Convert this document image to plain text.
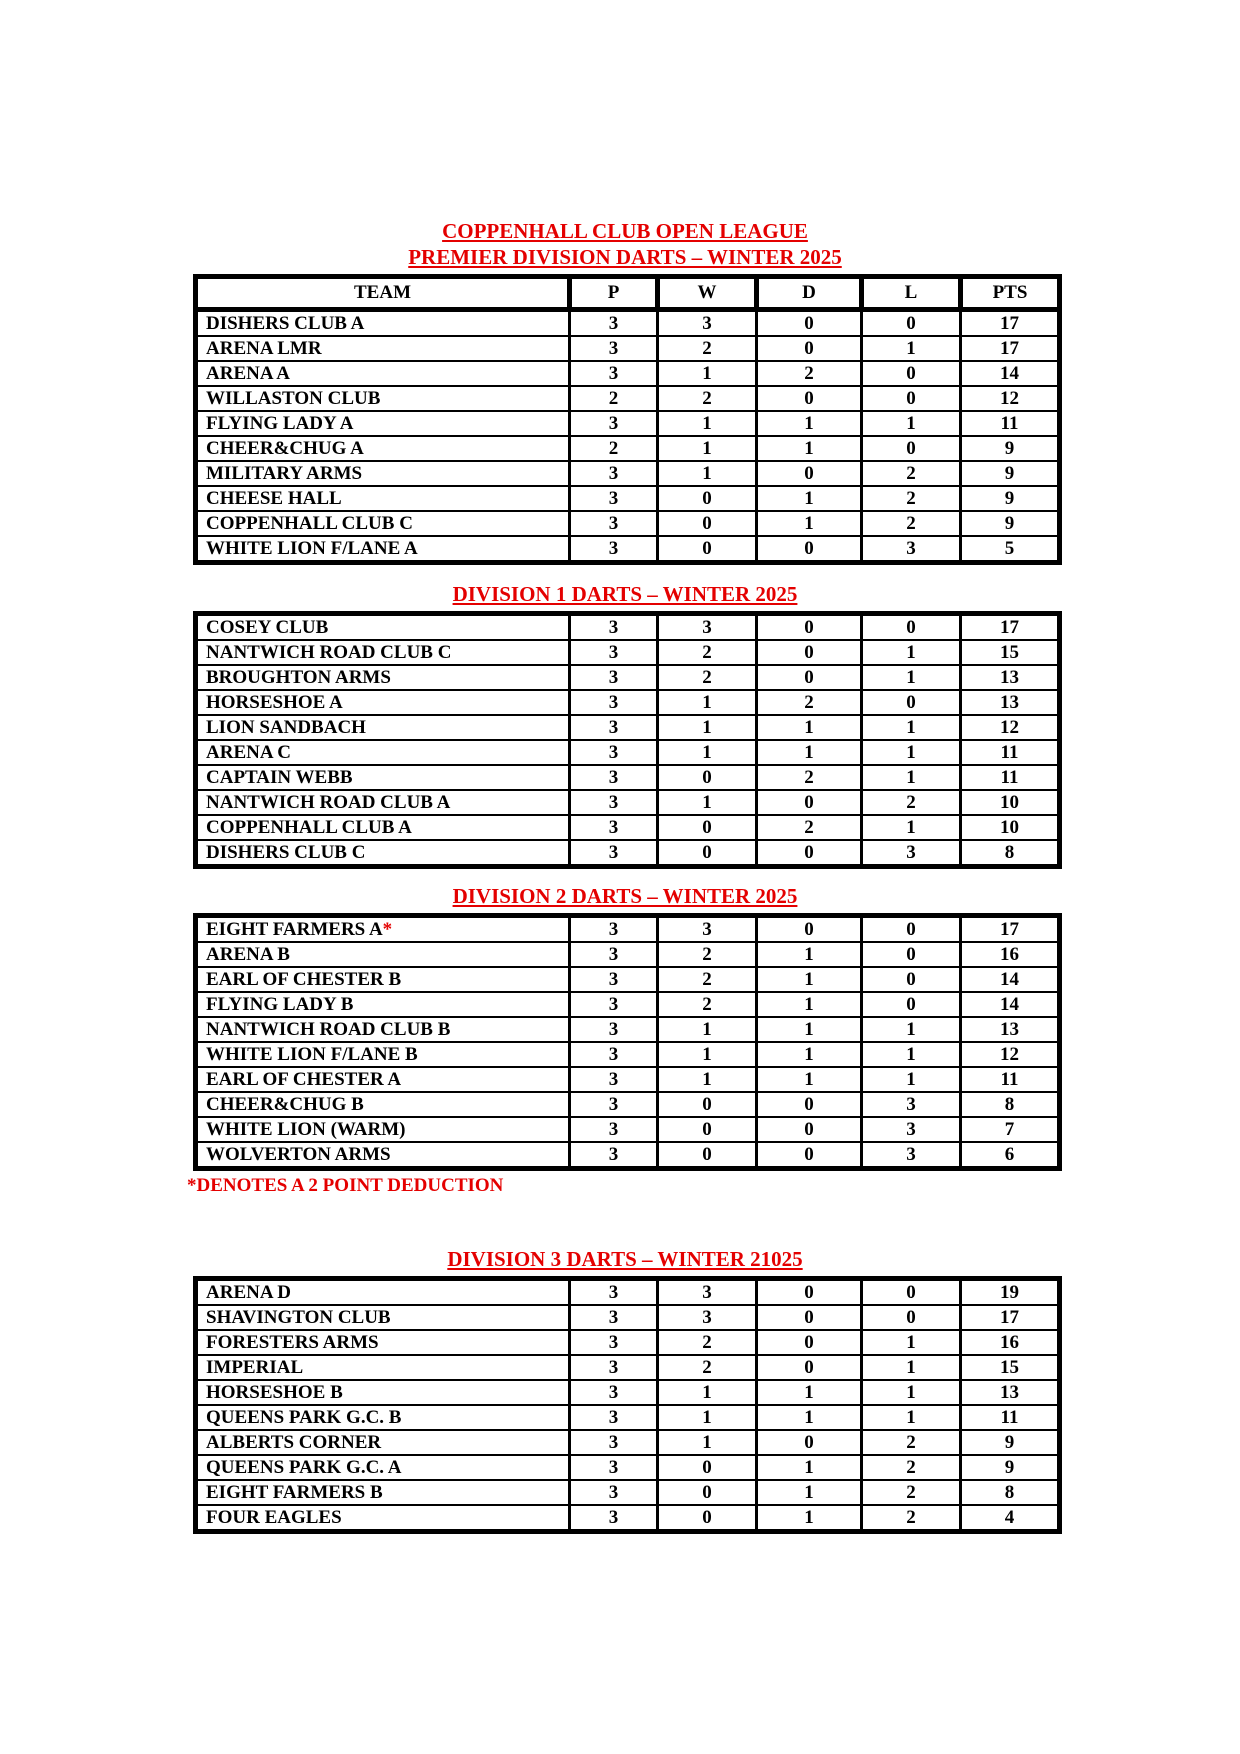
COPPENHALL CLUB OPEN LEAGUE
PREMIER DIVISION DARTS – WINTER 2025
TEAM	P	W	D	L	PTS
DISHERS CLUB A	3	3	0	0	17
ARENA LMR	3	2	0	1	17
ARENA A	3	1	2	0	14
WILLASTON CLUB	2	2	0	0	12
FLYING LADY A	3	1	1	1	11
CHEER&CHUG A	2	1	1	0	9
MILITARY ARMS	3	1	0	2	9
CHEESE HALL	3	0	1	2	9
COPPENHALL CLUB C	3	0	1	2	9
WHITE LION F/LANE A	3	0	0	3	5
DIVISION 1 DARTS – WINTER 2025
COSEY CLUB	3	3	0	0	17
NANTWICH ROAD CLUB C	3	2	0	1	15
BROUGHTON ARMS	3	2	0	1	13
HORSESHOE A	3	1	2	0	13
LION SANDBACH	3	1	1	1	12
ARENA C	3	1	1	1	11
CAPTAIN WEBB	3	0	2	1	11
NANTWICH ROAD CLUB A	3	1	0	2	10
COPPENHALL CLUB A	3	0	2	1	10
DISHERS CLUB C	3	0	0	3	8
DIVISION 2 DARTS – WINTER 2025
EIGHT FARMERS A*	3	3	0	0	17
ARENA B	3	2	1	0	16
EARL OF CHESTER B	3	2	1	0	14
FLYING LADY B	3	2	1	0	14
NANTWICH ROAD CLUB B	3	1	1	1	13
WHITE LION F/LANE B	3	1	1	1	12
EARL OF CHESTER A	3	1	1	1	11
CHEER&CHUG B	3	0	0	3	8
WHITE LION (WARM)	3	0	0	3	7
WOLVERTON ARMS	3	0	0	3	6
*DENOTES A 2 POINT DEDUCTION
DIVISION 3 DARTS – WINTER 21025
ARENA D	3	3	0	0	19
SHAVINGTON CLUB	3	3	0	0	17
FORESTERS ARMS	3	2	0	1	16
IMPERIAL	3	2	0	1	15
HORSESHOE B	3	1	1	1	13
QUEENS PARK G.C. B	3	1	1	1	11
ALBERTS CORNER	3	1	0	2	9
QUEENS PARK G.C. A	3	0	1	2	9
EIGHT FARMERS B	3	0	1	2	8
FOUR EAGLES	3	0	1	2	4
